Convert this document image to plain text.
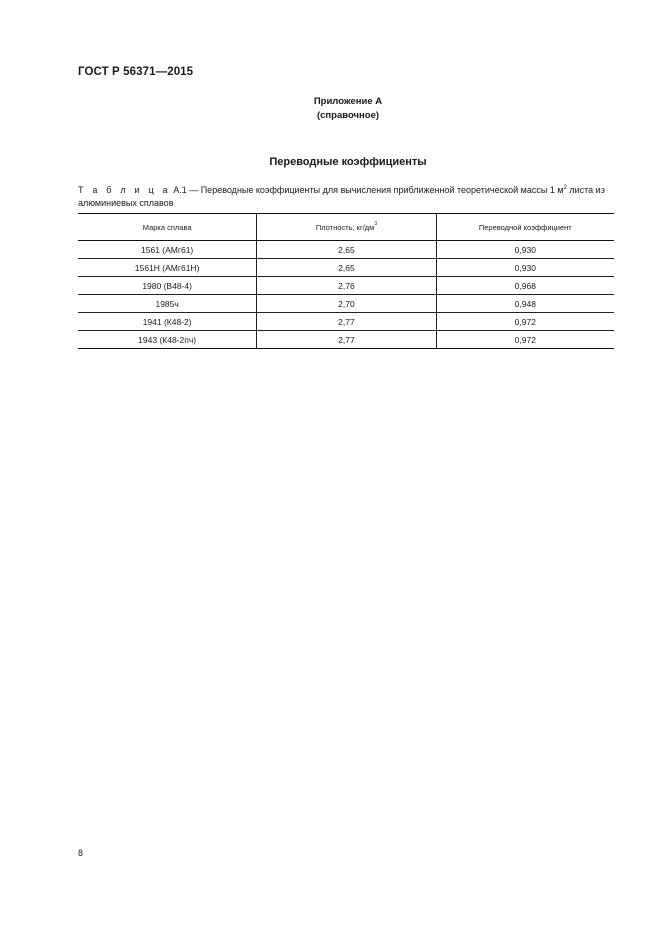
ГОСТ Р 56371—2015
Приложение А
(справочное)
Переводные коэффициенты
Т а б л и ц а А.1 — Переводные коэффициенты для вычисления приближенной теоретической массы 1 $м^2$ листа из алюминиевых сплавов
Марка сплава	Плотность, $кг/дм^3$	Переводной коэффициент
1561 (АМг61)	2,65	0,930
1561Н (АМг61Н)	2,65	0,930
1980 (В48-4)	2,76	0,968
1985ч	2,70	0,948
1941 (К48-2)	2,77	0,972
1943 (К48-2пч)	2,77	0,972
8
